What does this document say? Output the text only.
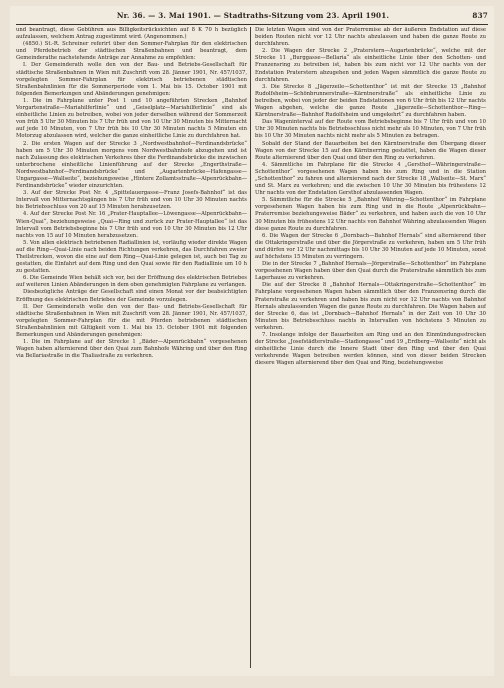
Nr. 36. — 3. Mai 1901. — Stadtraths-Sitzung vom 23. April 1901.	837

und beantragt, diese Gebühren aus Billigkeitsrücksichten auf 8 K 70 h bezüglich aufzulassen, welchem Antrag zugestimmt wird. (Angenommen.)

(4850.) St.-R. Schreiner referirt über den Sommer-Fahrplan für den elektrischen und Pferdebetrieb der städtischen Straßenbahnen und beantragt, dem Gemeinderathe nachstehende Anträge zur Annahme zu empfehlen:

I. Der Gemeinderath wolle den von der Bau- und Betriebs-Gesellschaft für städtische Straßenbahnen in Wien mit Zuschrift vom 28. Jänner 1901, Nr. 457/1037, vorgelegten Sommer-Fahrplan für elektrisch betriebenen städtischen Straßenbahnlinien für die Sommerperiode vom 1. Mai bis 15. October 1901 mit folgenden Bemerkungen und Abänderungen genehmigen:

1. Die im Fahrplane unter Post 1 und 10 angeführten Strecken „Bahnhof Vorgartenstraße—Mariahilferlinie“ und „Geiselplatz—Mariahilferlinie“ sind als einheitliche Linien zu betreiben, wobei von jeder derselben während der Sommerzeit von früh 5 Uhr 30 Minuten bis 7 Uhr früh und von 10 Uhr 30 Minuten bis Mitternacht auf jede 10 Minuten, von 7 Uhr früh bis 10 Uhr 30 Minuten nachts 5 Minuten ein Motorzug abzulassen wird, welcher die ganze einheitliche Linie zu durchfahren hat.

2. Die ersten Wagen auf der Strecke 3 „Nordwestbahnhof—Ferdinandsbrücke“ haben um 5 Uhr 30 Minuten morgens vom Nordwestbahnhofe abzugehen und ist nach Zulassung des elektrischen Verkehres über die Ferdinandsbrücke die inzwischen unterbrochene einheitliche Linienführung auf der Strecke „Engerthstraße—Nordwestbahnhof—Ferdinandsbrücke“ und „Augartenbrücke—Hafengasse—Ungargasse—Wallseite“, beziehungsweise „Hintere Zollamtsstraße—Alpenrückbahn—Ferdinandsbrücke“ wieder einzurichten.

3. Auf der Strecke Post Nr. 4 „Spittelauergasse—Franz Josefs-Bahnhof“ ist das Intervall von Mitternachtsgängen bis 7 Uhr früh und von 10 Uhr 30 Minuten nachts bis Betriebsschluss von 20 auf 15 Minuten herabzusetzen.

4. Auf der Strecke Post Nr. 16 „Prater-Hauptallee—Löwengasse—Alpenrückbahn—Wien-Quai“, beziehungsweise „Quai—Ring und zurück zur Prater-Hauptallee“ ist das Intervall vom Betriebsbeginne bis 7 Uhr früh und von 10 Uhr 30 Minuten bis 12 Uhr nachts von 15 auf 10 Minuten herabzusetzen.

5. Von allen elektrisch betriebenen Radiallinien ist, vorläufig wieder direkte Wagen auf die Ring—Quai-Linie nach beiden Richtungen verkehren, das Durchfahren zweier Theilstrecken, wovon die eine auf dem Ring—Quai-Linie gelegen ist, auch bei Tag zu gestatten, die Einfahrt auf dem Ring und den Quai sowie für den Radiallinie um 10 h zu gestatten.

6. Die Gemeinde Wien behält sich vor, bei der Eröffnung des elektrischen Betriebes auf weiteren Linien Abänderungen in dem oben genehmigten Fahrplane zu verlangen.

Diesbezügliche Anträge der Gesellschaft sind einen Monat vor der beabsichtigten Eröffnung des elektrischen Betriebes der Gemeinde vorzulegen.

II. Der Gemeinderath wolle den von der Bau- und Betriebs-Gesellschaft für städtische Straßenbahnen in Wien mit Zuschrift vom 28. Jänner 1901, Nr. 457/1037, vorgelegten Sommer-Fahrplan für die mit Pferden betriebenen städtischen Straßenbahnlinien mit Giltigkeit vom 1. Mai bis 15. October 1901 mit folgenden Bemerkungen und Abänderungen genehmigen:

1. Die im Fahrplane auf der Strecke 1 „Bäder—Alpenrückbahn“ vorgesehenen Wagen haben alternierend über den Quai zum Bahnhofe Währing und über den Ring via Bellariastraße in die Thaliastraße zu verkehren.

Die letzten Wagen sind von der Praterremise ab der äußeren Endstation auf diese beiden Routen nicht vor 12 Uhr nachts abzulassen und haben die ganze Route zu durchfahren.

2. Die Wagen der Strecke 2 „Praterstern—Augartenbrücke“, welche mit der Strecke 11 „Burggasse—Bellaria“ als einheitliche Linie über den Schotten- und Franzensring zu betreiben ist, haben bis zum nicht vor 12 Uhr nachts von der Endstation Praterstern abzugehen und jeden Wagen sämmtlich die ganze Route zu durchfahren.

3. Die Strecke 8 „Jägerzeile—Schottenthor“ ist mit der Strecke 15 „Bahnhof Rudolfsheim—Schönbrunnerstraße—Kärntnerstraße“ als einheitliche Linie zu betreiben, wobei von jeder der beiden Endstationen von 6 Uhr früh bis 12 Uhr nachts Wagen abgehen, welche die ganze Route „Jägerzeile—Schottenthor—Ring—Kärntnerstraße—Bahnhof Rudolfsheim und umgekehrt“ zu durchfahren haben.

Das Wageninterval auf der Route vom Betriebsbeginne bis 7 Uhr früh und von 10 Uhr 30 Minuten nachts bis Betriebsschluss nicht mehr als 10 Minuten, von 7 Uhr früh bis 10 Uhr 30 Minuten nachts nicht mehr als 5 Minuten zu betragen.

Sobald der Stand der Bauarbeiten bei den Kärntnerstraße den Übergang dieser Wagen von der Strecke 15 auf den Kärntnerring gestattet, haben die Wagen dieser Route alternierend über den Quai und über den Ring zu verkehren.

4. Sämmtliche im Fahrplane für die Strecke 4 „Gersthof—Währingerstraße—Schottenthor“ vorgesehenen Wagen haben bis zum Ring und in die Station „Schottenthor“ zu fahren und alternierend nach der Strecke 18 „Wallseite—St. Marx“ und St. Marx zu verkehren; und die zwischen 10 Uhr 30 Minuten bis frühestens 12 Uhr nachts von der Endstation Gersthof abzulassenden Wagen.

5. Sämmtliche für die Strecke 5 „Bahnhof Währing—Schottenthor“ im Fahrplane vorgesehenen Wagen haben bis zum Ring und in die Route „Alpenrückbahn—Praterremise beziehungsweise Bäder“ zu verkehren, und haben auch die von 10 Uhr 30 Minuten bis frühestens 12 Uhr nachts von Bahnhof Währing abzulassenden Wagen diese ganze Route zu durchfahren.

6. Die Wagen der Strecke 6 „Dornbach—Bahnhof Hernals“ sind alternierend über die Ottakringerstraße und über die Jörgerstraße zu verkehren, haben um 5 Uhr früh und dürfen vor 12 Uhr nachmittags bis 10 Uhr 30 Minuten auf jede 10 Minuten, sonst auf höchstens 15 Minuten zu verringern.

Die in der Strecke 7 „Bahnhof Hernals—Jörgerstraße—Schottenthor“ im Fahrplane vorgesehenen Wagen haben über den Quai durch die Praterstraße sämmtlich bis zum Lagerhause zu verkehren.

Die auf der Strecke 8 „Bahnhof Hernals—Ottakringerstraße—Schottenthor“ im Fahrplane vorgesehenen Wagen haben sämmtlich über den Franzensring durch die Praterstraße zu verkehren und haben bis zum nicht vor 12 Uhr nachts von Bahnhof Hernals abzulassenden Wagen die ganze Route zu durchfahren. Die Wagen haben auf der Strecke 6, das ist „Dornbach—Bahnhof Hernals“ in der Zeit von 10 Uhr 30 Minuten bis Betriebsschluss nachts in Intervallen von höchstens 5 Minuten zu verkehren.

7. Insolange infolge der Bauarbeiten am Ring und an den Einmündungsstrecken der Strecke „Josefstädterstraße—Stadiongasse“ und 19 „Erdberg—Wallseite“ nicht als einheitliche Linie durch die Innere Stadt über den Ring und über den Quai verkehrende Wagen betreiben werden können, sind von dieser beiden Strecken diesere Wagen alternierend über den Quai und Ring, beziehungsweise
